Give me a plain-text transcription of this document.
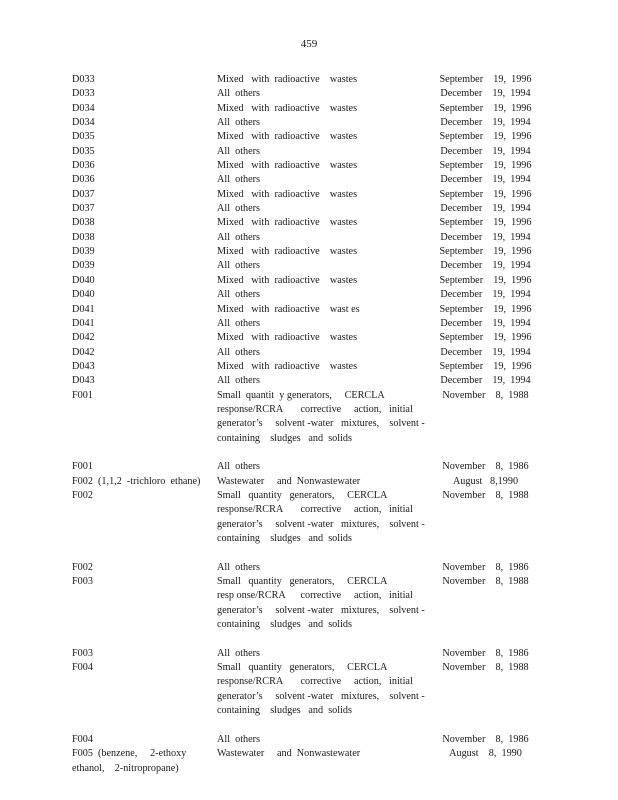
459
D033	Mixed   with  radioactive    wastes	September    19,  1996
D033	All  others	December    19,  1994
D034	Mixed   with  radioactive    wastes	September    19,  1996
D034	All  others	December    19,  1994
D035	Mixed   with  radioactive    wastes	September    19,  1996
D035	All  others	December    19,  1994
D036	Mixed   with  radioactive    wastes	September    19,  1996
D036	All  others	December    19,  1994
D037	Mixed   with  radioactive    wastes	September    19,  1996
D037	All  others	December    19,  1994
D038	Mixed   with  radioactive    wastes	September    19,  1996
D038	All  others	December    19,  1994
D039	Mixed   with  radioactive    wastes	September    19,  1996
D039	All  others	December    19,  1994
D040	Mixed   with  radioactive    wastes	September    19,  1996
D040	All  others	December    19,  1994
D041	Mixed   with  radioactive    wast es	September    19,  1996
D041	All  others	December    19,  1994
D042	Mixed   with  radioactive    wastes	September    19,  1996
D042	All  others	December    19,  1994
D043	Mixed   with  radioactive    wastes	September    19,  1996
D043	All  others	December    19,  1994
F001	Small  quantit  y generators,     CERCLA
response/RCRA       corrective     action,   initial
generator’s     solvent -water   mixtures,    solvent -
containing    sludges   and  solids	November    8,  1988
F001	All  others	November    8,  1986
F002  (1,1,2  -trichloro  ethane)	Wastewater     and  Nonwastewater	August   8,1990
F002	Small   quantity   generators,     CERCLA
response/RCRA       corrective     action,   initial
generator’s     solvent -water   mixtures,    solvent -
containing    sludges   and  solids	November    8,  1988
F002	All  others	November    8,  1986
F003	Small   quantity   generators,     CERCLA
resp onse/RCRA      corrective     action,   initial
generator’s     solvent -water   mixtures,    solvent -
containing    sludges   and  solids	November    8,  1988
F003	All  others	November    8,  1986
F004	Small   quantity   generators,     CERCLA
response/RCRA       corrective     action,   initial
generator’s     solvent -water   mixtures,    solvent -
containing    sludges   and  solids	November    8,  1988
F004	All  others	November    8,  1986
F005  (benzene,     2-ethoxy
ethanol,    2-nitropropane)	Wastewater     and  Nonwastewater	August    8,  1990
